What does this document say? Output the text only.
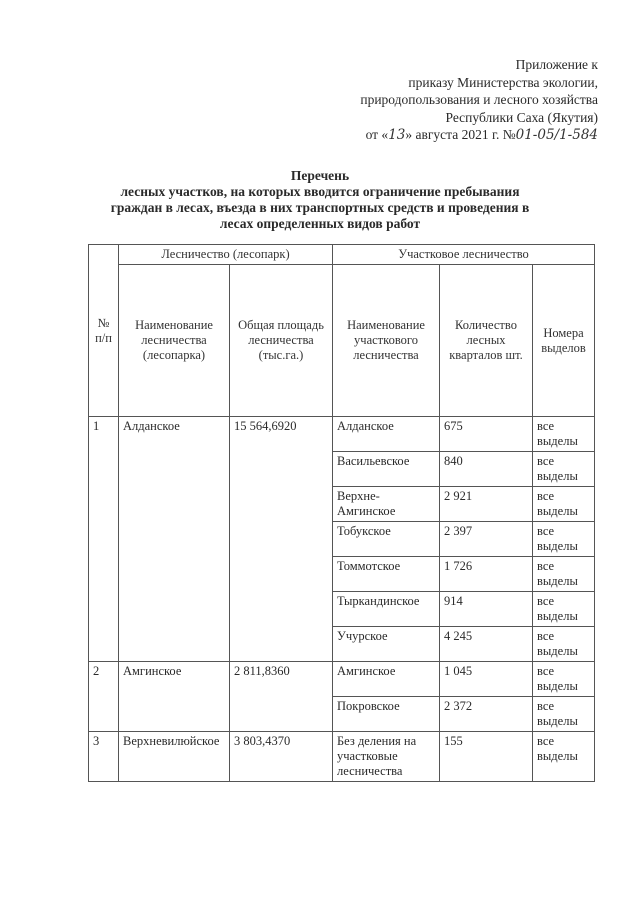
Приложение к
приказу Министерства экологии,
природопользования и лесного хозяйства
Республики Саха (Якутия)
от «13» августа 2021 г. №01-05/1-584
Перечень
лесных участков, на которых вводится ограничение пребывания
граждан в лесах, въезда в них транспортных средств и проведения в
лесах определенных видов работ
№ п/п	Лесничество (лесопарк)		Участковое лесничество		
	Наименование лесничества (лесопарка)	Общая площадь лесничества (тыс.га.)	Наименование участкового лесничества	Количество лесных кварталов шт.	Номера выделов
1	Алданское	15 564,6920	Алданское	675	все выделы
			Васильевское	840	все выделы
			Верхне-Амгинское	2 921	все выделы
			Тобукское	2 397	все выделы
			Томмотское	1 726	все выделы
			Тыркандинское	914	все выделы
			Учурское	4 245	все выделы
2	Амгинское	2 811,8360	Амгинское	1 045	все выделы
			Покровское	2 372	все выделы
3	Верхневилюйское	3 803,4370	Без деления на участковые лесничества	155	все выделы
